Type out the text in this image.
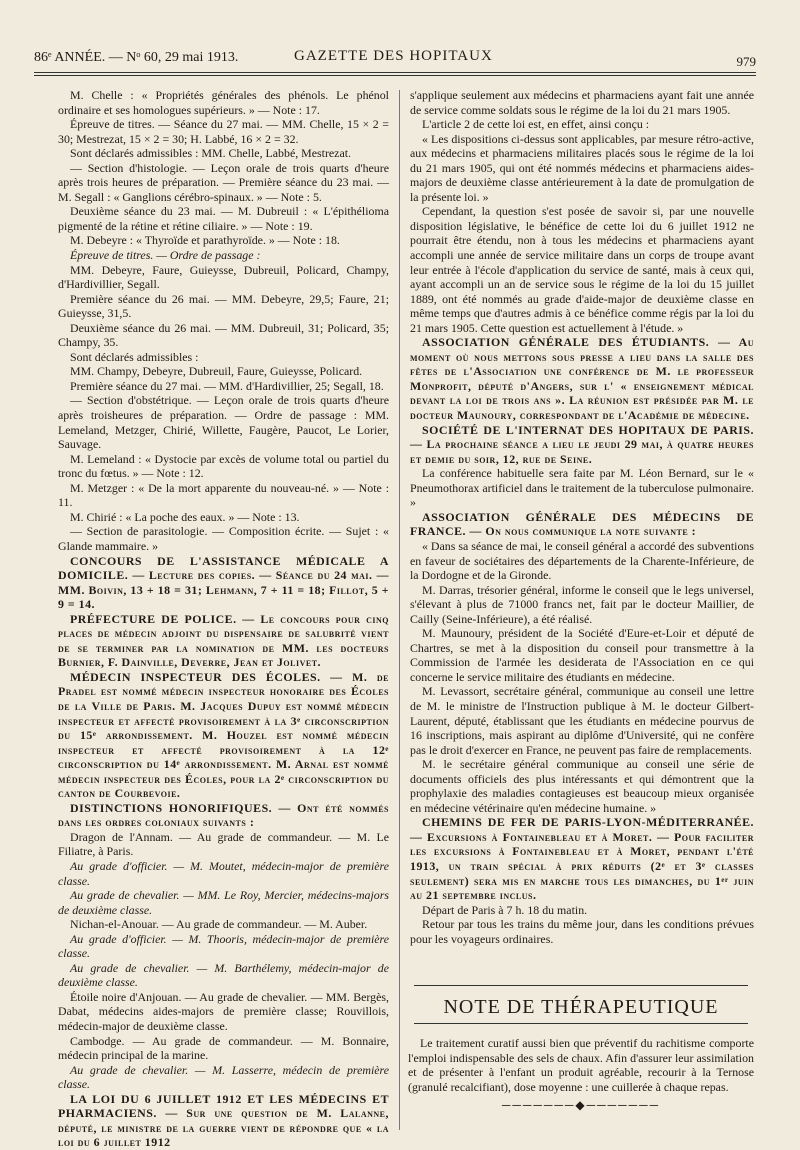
86ᵉ ANNÉE. — Nᵒ 60, 29 mai 1913.	GAZETTE DES HOPITAUX	979

M. Chelle : « Propriétés générales des phénols. Le phénol ordinaire et ses homologues supérieurs. » — Note : 17.

Épreuve de titres. — Séance du 27 mai. — MM. Chelle, 15 × 2 = 30; Mestrezat, 15 × 2 = 30; H. Labbé, 16 × 2 = 32.

Sont déclarés admissibles : MM. Chelle, Labbé, Mestrezat.

— Section d'histologie. — Leçon orale de trois quarts d'heure après trois heures de préparation. — Première séance du 23 mai. — M. Segall : « Ganglions cérébro-spinaux. » — Note : 5.

Deuxième séance du 23 mai. — M. Dubreuil : « L'épithélioma pigmenté de la rétine et rétine ciliaire. » — Note : 19.

M. Debeyre : « Thyroïde et parathyroïde. » — Note : 18.

Épreuve de titres. — Ordre de passage :

MM. Debeyre, Faure, Guieysse, Dubreuil, Policard, Champy, d'Hardivillier, Segall.

Première séance du 26 mai. — MM. Debeyre, 29,5; Faure, 21; Guieysse, 31,5.

Deuxième séance du 26 mai. — MM. Dubreuil, 31; Policard, 35; Champy, 35.

Sont déclarés admissibles :

MM. Champy, Debeyre, Dubreuil, Faure, Guieysse, Policard.

Première séance du 27 mai. — MM. d'Hardivillier, 25; Segall, 18.

— Section d'obstétrique. — Leçon orale de trois quarts d'heure après troisheures de préparation. — Ordre de passage : MM. Lemeland, Metzger, Chirié, Willette, Faugère, Paucot, Le Lorier, Sauvage.

M. Lemeland : « Dystocie par excès de volume total ou partiel du tronc du fœtus. » — Note : 12.

M. Metzger : « De la mort apparente du nouveau-né. » — Note : 11.

M. Chirié : « La poche des eaux. » — Note : 13.

— Section de parasitologie. — Composition écrite. — Sujet : « Glande mammaire. »

CONCOURS DE L'ASSISTANCE MÉDICALE A DOMICILE. — Lecture des copies. — Séance du 24 mai. — MM. Boivin, 13 + 18 = 31; Lehmann, 7 + 11 = 18; Fillot, 5 + 9 = 14.

PRÉFECTURE DE POLICE. — Le concours pour cinq places de médecin adjoint du dispensaire de salubrité vient de se terminer par la nomination de MM. les docteurs Burnier, F. Dainville, Deverre, Jean et Jolivet.

MÉDECIN INSPECTEUR DES ÉCOLES. — M. de Pradel est nommé médecin inspecteur honoraire des Écoles de la Ville de Paris. M. Jacques Dupuy est nommé médecin inspecteur et affecté provisoirement à la 3ᵉ circonscription du 15ᵉ arrondissement. M. Houzel est nommé médecin inspecteur et affecté provisoirement à la 12ᵉ circonscription du 14ᵉ arrondissement. M. Arnal est nommé médecin inspecteur des Écoles, pour la 2ᵉ circonscription du canton de Courbevoie.

DISTINCTIONS HONORIFIQUES. — Ont été nommés dans les ordres coloniaux suivants :

Dragon de l'Annam. — Au grade de commandeur. — M. Le Filiatre, à Paris.

Au grade d'officier. — M. Moutet, médecin-major de première classe.

Au grade de chevalier. — MM. Le Roy, Mercier, médecins-majors de deuxième classe.

Nichan-el-Anouar. — Au grade de commandeur. — M. Auber.

Au grade d'officier. — M. Thooris, médecin-major de première classe.

Au grade de chevalier. — M. Barthélemy, médecin-major de deuxième classe.

Étoile noire d'Anjouan. — Au grade de chevalier. — MM. Bergès, Dabat, médecins aides-majors de première classe; Rouvillois, médecin-major de deuxième classe.

Cambodge. — Au grade de commandeur. — M. Bonnaire, médecin principal de la marine.

Au grade de chevalier. — M. Lasserre, médecin de première classe.

LA LOI DU 6 JUILLET 1912 ET LES MÉDECINS ET PHARMACIENS. — Sur une question de M. Lalanne, député, le ministre de la guerre vient de répondre que « la loi du 6 juillet 1912

s'applique seulement aux médecins et pharmaciens ayant fait une année de service comme soldats sous le régime de la loi du 21 mars 1905.

L'article 2 de cette loi est, en effet, ainsi conçu :

« Les dispositions ci-dessus sont applicables, par mesure rétro-active, aux médecins et pharmaciens militaires placés sous le régime de la loi du 21 mars 1905, qui ont été nommés médecins et pharmaciens aides-majors de deuxième classe antérieurement à la date de promulgation de la présente loi. »

Cependant, la question s'est posée de savoir si, par une nouvelle disposition législative, le bénéfice de cette loi du 6 juillet 1912 ne pourrait être étendu, non à tous les médecins et pharmaciens ayant accompli une année de service militaire dans un corps de troupe avant leur entrée à l'école d'application du service de santé, mais à ceux qui, ayant accompli un an de service sous le régime de la loi du 15 juillet 1889, ont été nommés au grade d'aide-major de deuxième classe en même temps que d'autres admis à ce bénéfice comme régis par la loi du 21 mars 1905. Cette question est actuellement à l'étude. »

ASSOCIATION GÉNÉRALE DES ÉTUDIANTS. — Au moment où nous mettons sous presse a lieu dans la salle des fêtes de l'Association une conférence de M. le professeur Monprofit, député d'Angers, sur l' « enseignement médical devant la loi de trois ans ». La réunion est présidée par M. le docteur Maunoury, correspondant de l'Académie de médecine.

SOCIÉTÉ DE L'INTERNAT DES HOPITAUX DE PARIS. — La prochaine séance a lieu le jeudi 29 mai, à quatre heures et demie du soir, 12, rue de Seine.

La conférence habituelle sera faite par M. Léon Bernard, sur le « Pneumothorax artificiel dans le traitement de la tuberculose pulmonaire. »

ASSOCIATION GÉNÉRALE DES MÉDECINS DE FRANCE. — On nous communique la note suivante :

« Dans sa séance de mai, le conseil général a accordé des subventions en faveur de sociétaires des départements de la Charente-Inférieure, de la Dordogne et de la Gironde.

M. Darras, trésorier général, informe le conseil que le legs universel, s'élevant à plus de 71000 francs net, fait par le docteur Maillier, de Cailly (Seine-Inférieure), a été réalisé.

M. Maunoury, président de la Société d'Eure-et-Loir et député de Chartres, se met à la disposition du conseil pour transmettre à la Commission de l'armée les desiderata de l'Association en ce qui concerne le service militaire des étudiants en médecine.

M. Levassort, secrétaire général, communique au conseil une lettre de M. le ministre de l'Instruction publique à M. le docteur Gilbert-Laurent, député, établissant que les étudiants en médecine pourvus de 16 inscriptions, mais aspirant au diplôme d'Université, qui ne confère pas le droit d'exercer en France, ne peuvent pas faire de remplacements.

M. le secrétaire général communique au conseil une série de documents officiels des plus intéressants et qui démontrent que la prophylaxie des maladies contagieuses est beaucoup mieux organisée en médecine vétérinaire qu'en médecine humaine. »

CHEMINS DE FER DE PARIS-LYON-MÉDITERRANÉE. — Excursions à Fontainebleau et à Moret. — Pour faciliter les excursions à Fontainebleau et à Moret, pendant l'été 1913, un train spécial à prix réduits (2ᵉ et 3ᵉ classes seulement) sera mis en marche tous les dimanches, du 1ᵉʳ juin au 21 septembre inclus.

Départ de Paris à 7 h. 18 du matin.

Retour par tous les trains du même jour, dans les conditions prévues pour les voyageurs ordinaires.

NOTE DE THÉRAPEUTIQUE

Le traitement curatif aussi bien que préventif du rachitisme comporte l'emploi indispensable des sels de chaux. Afin d'assurer leur assimilation et de présenter à l'enfant un produit agréable, recourir à la Ternose (granulé recalcifiant), dose moyenne : une cuillerée à chaque repas.

───────◆───────
